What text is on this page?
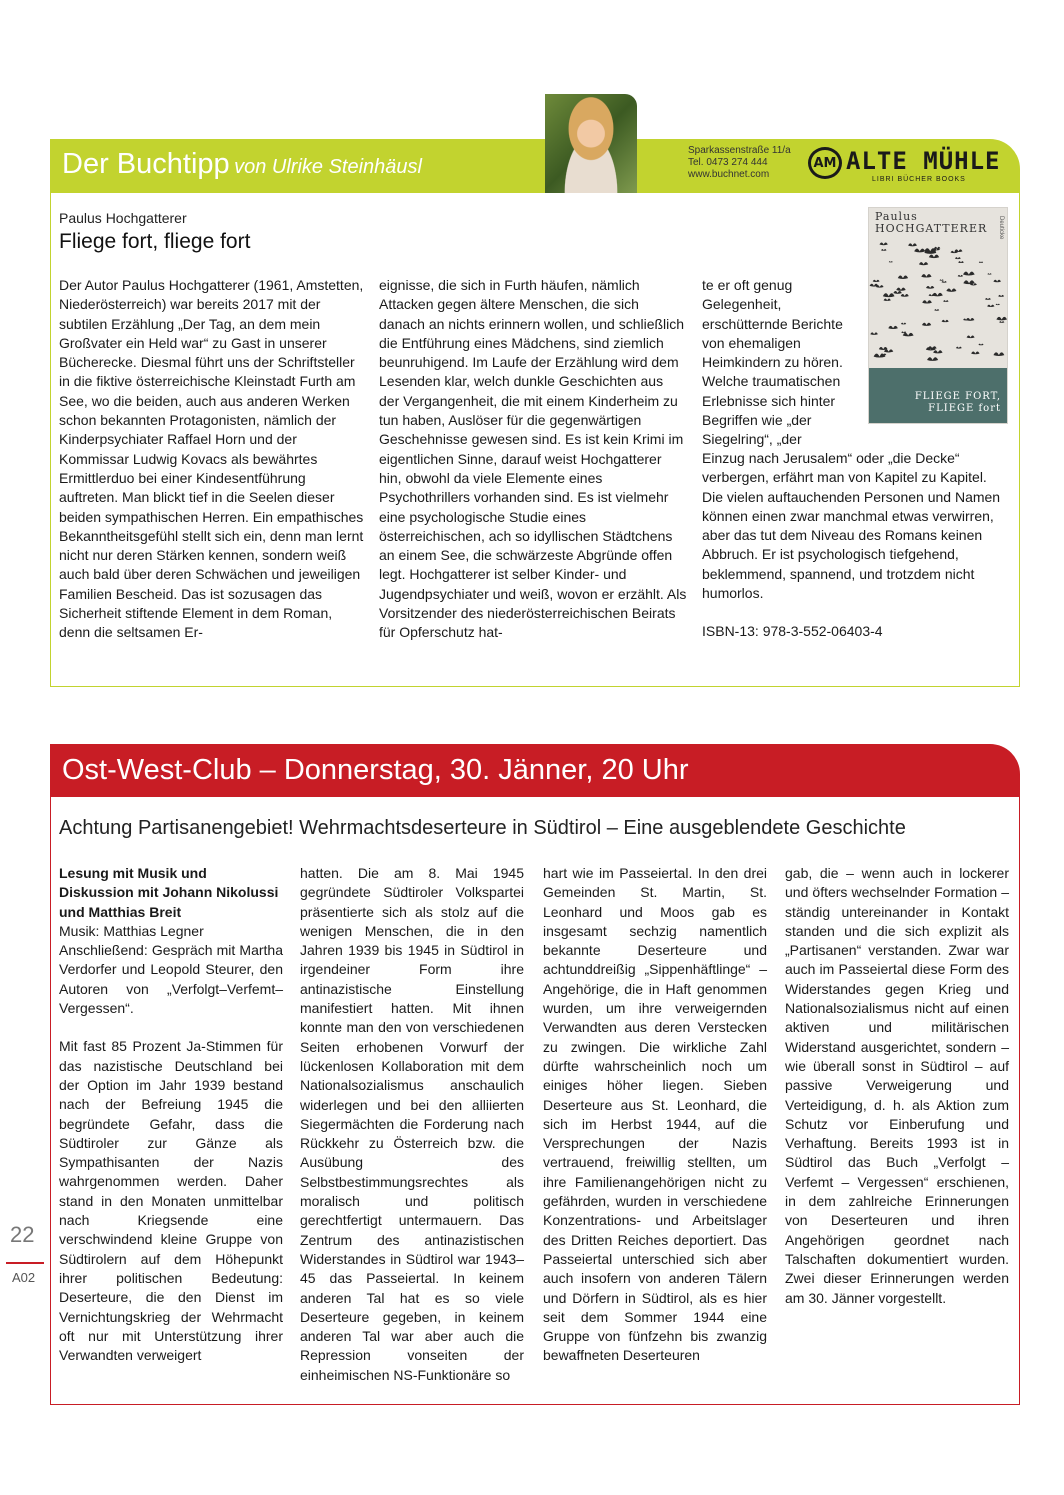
Der Buchtipp von Ulrike Steinhäusl
Sparkassenstraße 11/a
Tel. 0473 274 444
www.buchnet.com
AM ALTE MÜHLE
LIBRI BÜCHER BOOKS
Paulus Hochgatterer
Fliege fort, fliege fort
Paulus
HOCHGATTERER Deuticke
FLIEGE FORT,
FLIEGE fort

Der Autor Paulus Hochgatterer (1961, Amstetten, Niederösterreich) war bereits 2017 mit der subtilen Erzählung „Der Tag, an dem mein Großvater ein Held war“ zu Gast in unserer Bücherecke. Diesmal führt uns der Schriftsteller in die fiktive österreichische Kleinstadt Furth am See, wo die beiden, auch aus anderen Werken schon bekannten Protagonisten, nämlich der Kinderpsychiater Raffael Horn und der Kommissar Ludwig Kovacs als bewährtes Ermittlerduo bei einer Kindesentführung auftreten. Man blickt tief in die Seelen dieser beiden sympathischen Herren. Ein empathisches Bekanntheitsgefühl stellt sich ein, denn man lernt nicht nur deren Stärken kennen, sondern weiß auch bald über deren Schwächen und jeweiligen Familien Bescheid. Das ist sozusagen das Sicherheit stiftende Element in dem Roman, denn die seltsamen Er-

eignisse, die sich in Furth häufen, nämlich Attacken gegen ältere Menschen, die sich danach an nichts erinnern wollen, und schließlich die Entführung eines Mädchens, sind ziemlich beunruhigend. Im Laufe der Erzählung wird dem Lesenden klar, welch dunkle Geschichten aus der Vergangenheit, die mit einem Kinderheim zu tun haben, Auslöser für die gegenwärtigen Geschehnisse gewesen sind. Es ist kein Krimi im eigentlichen Sinne, darauf weist Hochgatterer hin, obwohl da viele Elemente eines Psychothrillers vorhanden sind. Es ist vielmehr eine psychologische Studie eines österreichischen, ach so idyllischen Städtchens an einem See, die schwärzeste Abgründe offen legt. Hochgatterer ist selber Kinder- und Jugendpsychiater und weiß, wovon er erzählt. Als Vorsitzender des niederösterreichischen Beirats für Opferschutz hat-

te er oft genug Gelegenheit, erschütternde Berichte von ehemaligen Heimkindern zu hören. Welche traumatischen Erlebnisse sich hinter Begriffen wie „der Siegelring“, „der

Einzug nach Jerusalem“ oder „die Decke“ verbergen, erfährt man von Kapitel zu Kapitel. Die vielen auftauchenden Personen und Namen können einen zwar manchmal etwas verwirren, aber das tut dem Niveau des Romans keinen Abbruch. Er ist psychologisch tiefgehend, beklemmend, spannend, und trotzdem nicht humorlos.

ISBN-13: 978-3-552-06403-4

Ost-West-Club – Donnerstag, 30. Jänner, 20 Uhr
Achtung Partisanengebiet! Wehrmachtsdeserteure in Südtirol – Eine ausgeblendete Geschichte

Lesung mit Musik und Diskussion mit Johann Nikolussi und Matthias Breit

Musik: Matthias Legner

Anschließend: Gespräch mit Martha Verdorfer und Leopold Steurer, den Autoren von „Verfolgt–Verfemt–Vergessen“.

Mit fast 85 Prozent Ja-Stimmen für das nazistische Deutschland bei der Option im Jahr 1939 bestand nach der Befreiung 1945 die begründete Gefahr, dass die Südtiroler zur Gänze als Sympathisanten der Nazis wahrgenommen werden. Daher stand in den Monaten unmittelbar nach Kriegsende eine verschwindend kleine Gruppe von Südtirolern auf dem Höhepunkt ihrer politischen Bedeutung: Deserteure, die den Dienst im Vernichtungskrieg der Wehrmacht oft nur mit Unterstützung ihrer Verwandten verweigert

hatten. Die am 8. Mai 1945 gegründete Südtiroler Volkspartei präsentierte sich als stolz auf die wenigen Menschen, die in den Jahren 1939 bis 1945 in Südtirol in irgendeiner Form ihre antinazistische Einstellung manifestiert hatten. Mit ihnen konnte man den von verschiedenen Seiten erhobenen Vorwurf der lückenlosen Kollaboration mit dem Nationalsozialismus anschaulich widerlegen und bei den alliierten Siegermächten die Forderung nach Rückkehr zu Österreich bzw. die Ausübung des Selbstbestimmungsrechtes als moralisch und politisch gerechtfertigt untermauern. Das Zentrum des antinazistischen Widerstandes in Südtirol war 1943–45 das Passeiertal. In keinem anderen Tal hat es so viele Deserteure gegeben, in keinem anderen Tal war aber auch die Repression vonseiten der einheimischen NS-Funktionäre so

hart wie im Passeiertal. In den drei Gemeinden St. Martin, St. Leonhard und Moos gab es insgesamt sechzig namentlich bekannte Deserteure und achtunddreißig „Sippenhäftlinge“ – Angehörige, die in Haft genommen wurden, um ihre verweigernden Verwandten aus deren Verstecken zu zwingen. Die wirkliche Zahl dürfte wahrscheinlich noch um einiges höher liegen. Sieben Deserteure aus St. Leonhard, die sich im Herbst 1944, auf die Versprechungen der Nazis vertrauend, freiwillig stellten, um ihre Familienangehörigen nicht zu gefährden, wurden in verschiedene Konzentrations- und Arbeitslager des Dritten Reiches deportiert. Das Passeiertal unterschied sich aber auch insofern von anderen Tälern und Dörfern in Südtirol, als es hier seit dem Sommer 1944 eine Gruppe von fünfzehn bis zwanzig bewaffneten Deserteuren

gab, die – wenn auch in lockerer und öfters wechselnder Formation – ständig untereinander in Kontakt standen und die sich explizit als „Partisanen“ verstanden. Zwar war auch im Passeiertal diese Form des Widerstandes gegen Krieg und Nationalsozialismus nicht auf einen aktiven und militärischen Widerstand ausgerichtet, sondern – wie überall sonst in Südtirol – auf passive Verweigerung und Verteidigung, d. h. als Aktion zum Schutz vor Einberufung und Verhaftung. Bereits 1993 ist in Südtirol das Buch „Verfolgt – Verfemt – Vergessen“ erschienen, in dem zahlreiche Erinnerungen von Deserteuren und ihren Angehörigen geordnet nach Talschaften dokumentiert wurden. Zwei dieser Erinnerungen werden am 30. Jänner vorgestellt.

22
A02
